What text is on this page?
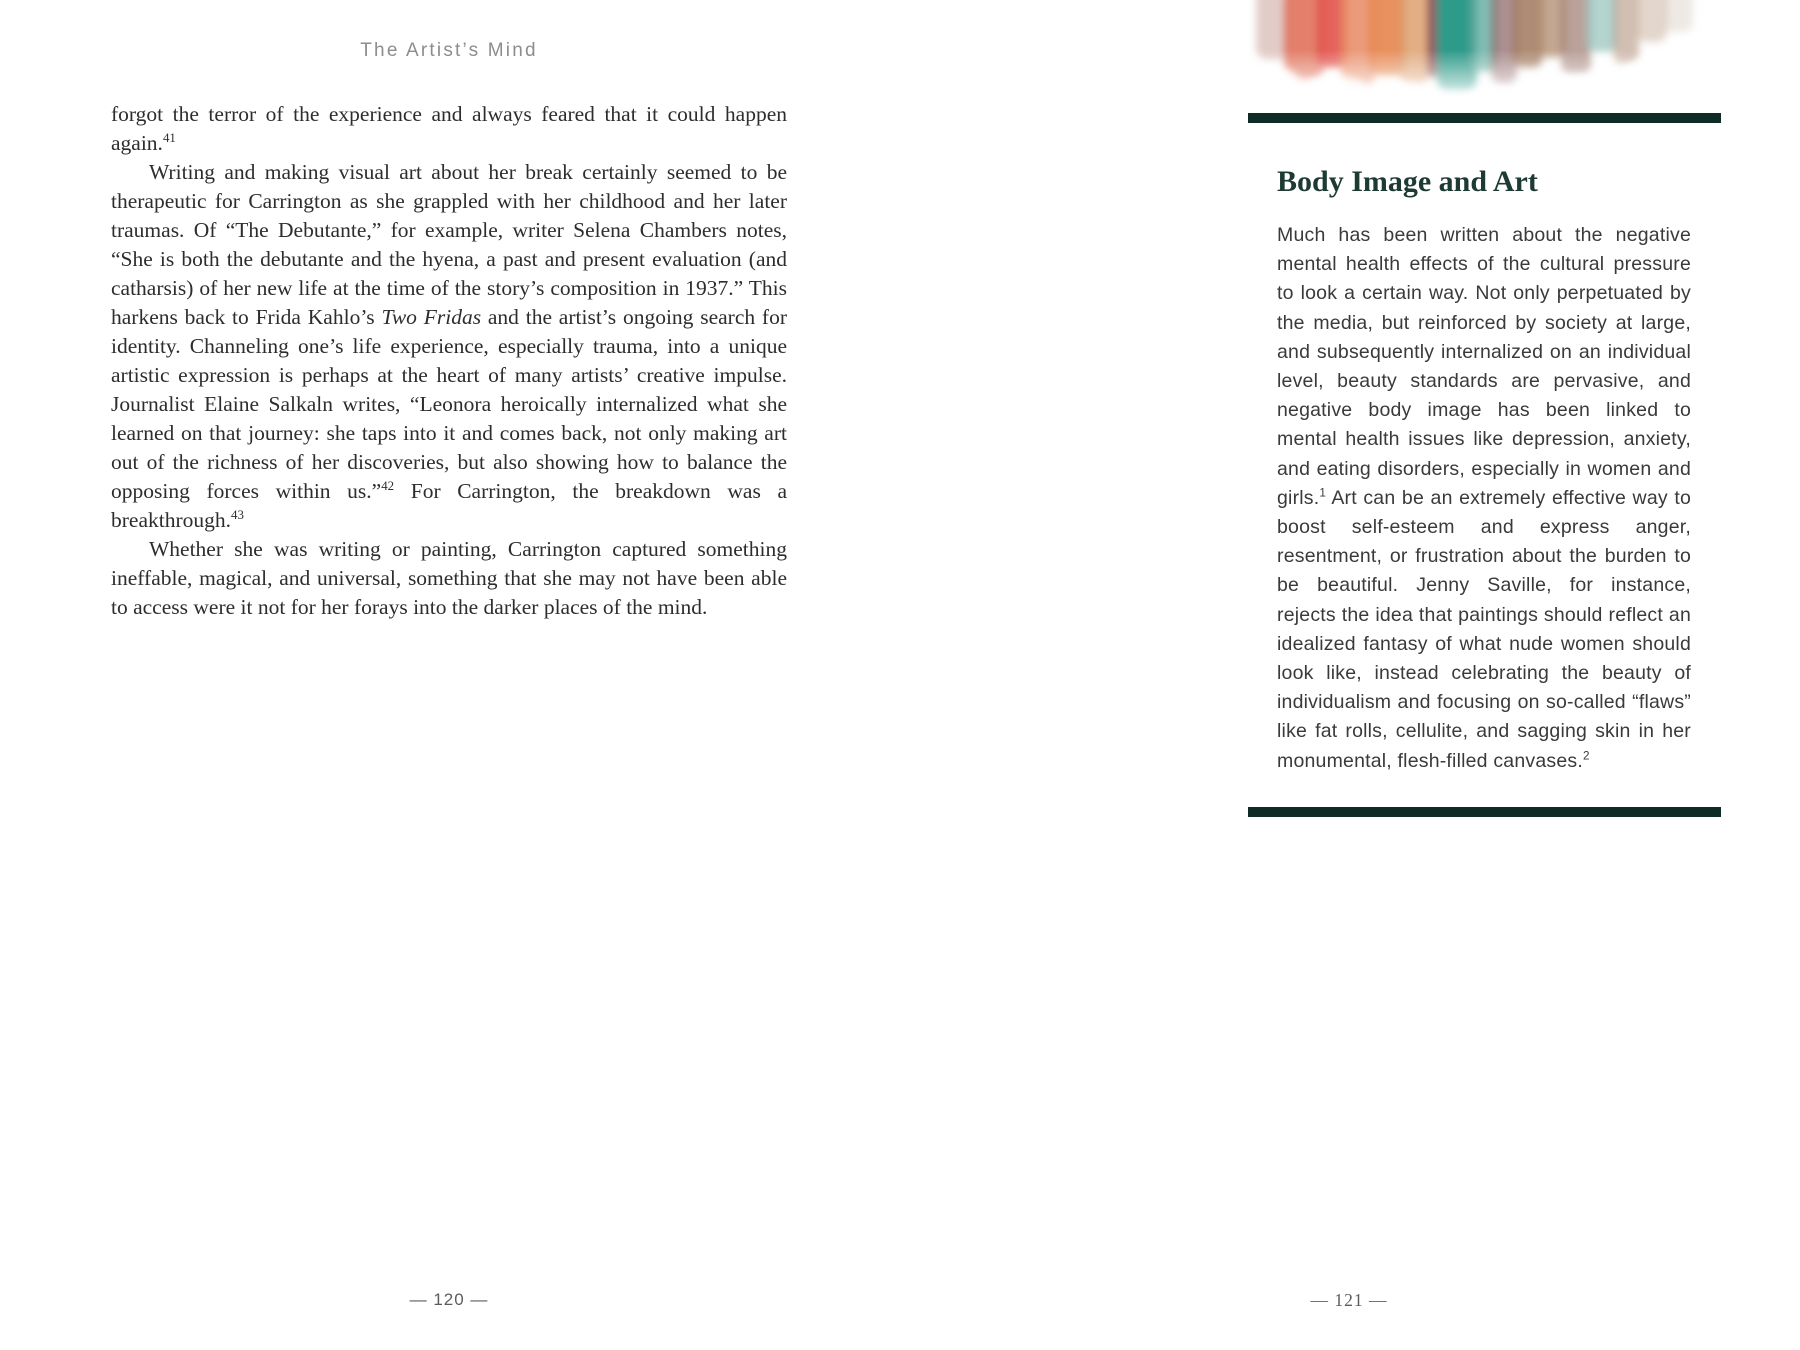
The Artist’s Mind

forgot the terror of the experience and always feared that it could happen again.$^{41}$

Writing and making visual art about her break certainly seemed to be therapeutic for Carrington as she grappled with her childhood and her later traumas. Of “The Debutante,” for example, writer Selena Chambers notes, “She is both the debutante and the hyena, a past and present evaluation (and catharsis) of her new life at the time of the story’s composition in 1937.” This harkens back to Frida Kahlo’s Two Fridas and the artist’s ongoing search for identity. Channeling one’s life experience, especially trauma, into a unique artistic expression is perhaps at the heart of many artists’ creative impulse. Journalist Elaine Salkaln writes, “Leonora heroically internalized what she learned on that journey: she taps into it and comes back, not only making art out of the richness of her discoveries, but also showing how to balance the opposing forces within us.”$^{42}$ For Carrington, the breakdown was a breakthrough.$^{43}$

Whether she was writing or painting, Carrington captured something ineffable, magical, and universal, something that she may not have been able to access were it not for her forays into the darker places of the mind.

— 120 —
Body Image and Art
Much has been written about the negative mental health effects of the cultural pressure to look a certain way. Not only perpetuated by the media, but reinforced by society at large, and subsequently internalized on an individual level, beauty standards are pervasive, and negative body image has been linked to mental health issues like depression, anxiety, and eating disorders, especially in women and girls.$^1$ Art can be an extremely effective way to boost self-esteem and express anger, resentment, or frustration about the burden to be beautiful. Jenny Saville, for instance, rejects the idea that paintings should reflect an idealized fantasy of what nude women should look like, instead celebrating the beauty of individualism and focusing on so-called “flaws” like fat rolls, cellulite, and sagging skin in her monumental, flesh-filled canvases.$^2$
— 121 —
